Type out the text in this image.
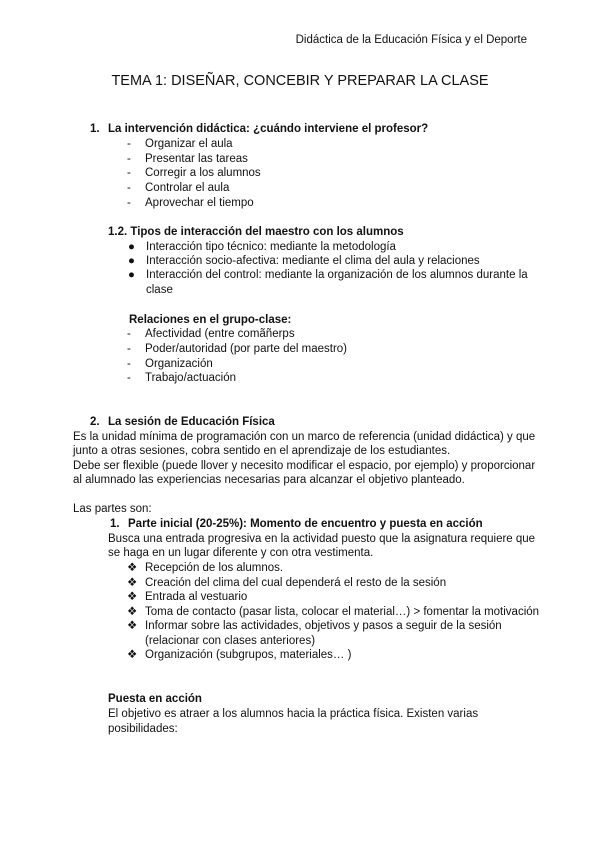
Didáctica de la Educación Física y el Deporte
TEMA 1: DISEÑAR, CONCEBIR Y PREPARAR LA CLASE
1. La intervención didáctica: ¿cuándo interviene el profesor?
- Organizar el aula
- Presentar las tareas
- Corregir a los alumnos
- Controlar el aula
- Aprovechar el tiempo
1.2. Tipos de interacción del maestro con los alumnos
● Interacción tipo técnico: mediante la metodología
● Interacción socio-afectiva: mediante el clima del aula y relaciones
● Interacción del control: mediante la organización de los alumnos durante la
clase
Relaciones en el grupo-clase:
- Afectividad (entre comãñerps
- Poder/autoridad (por parte del maestro)
- Organización
- Trabajo/actuación
2. La sesión de Educación Física
Es la unidad mínima de programación con un marco de referencia (unidad didáctica) y que
junto a otras sesiones, cobra sentido en el aprendizaje de los estudiantes.
Debe ser flexible (puede llover y necesito modificar el espacio, por ejemplo) y proporcionar
al alumnado las experiencias necesarias para alcanzar el objetivo planteado.
Las partes son:
1. Parte inicial (20-25%): Momento de encuentro y puesta en acción
Busca una entrada progresiva en la actividad puesto que la asignatura requiere que
se haga en un lugar diferente y con otra vestimenta.
❖ Recepción de los alumnos.
❖ Creación del clima del cual dependerá el resto de la sesión
❖ Entrada al vestuario
❖ Toma de contacto (pasar lista, colocar el material…) > fomentar la motivación
❖ Informar sobre las actividades, objetivos y pasos a seguir de la sesión
(relacionar con clases anteriores)
❖ Organización (subgrupos, materiales… )
Puesta en acción
El objetivo es atraer a los alumnos hacia la práctica física. Existen varias
posibilidades:
